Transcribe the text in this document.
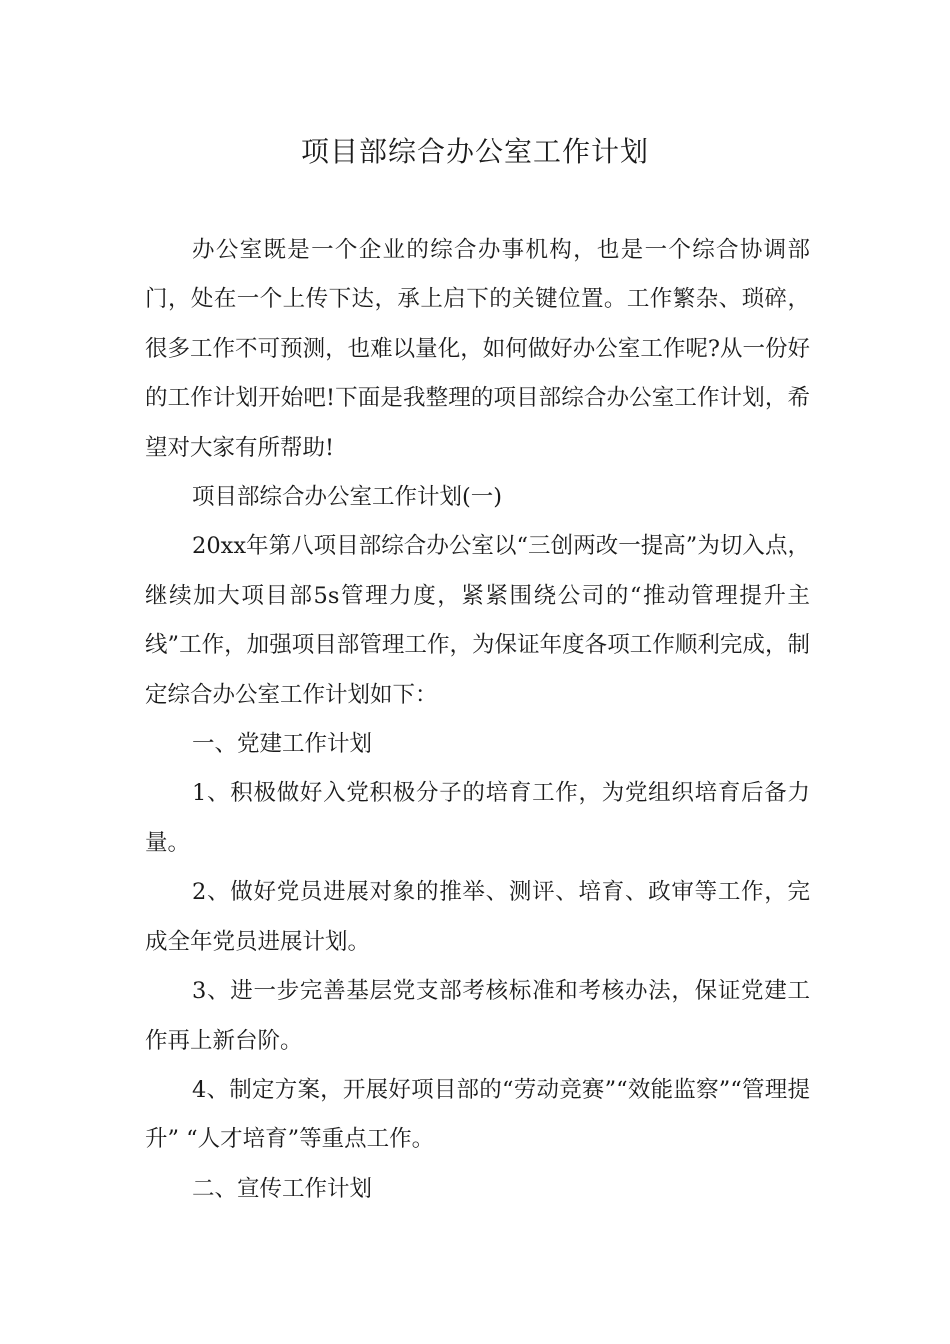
项目部综合办公室工作计划

办公室既是一个企业的综合办事机构，也是一个综合协调部门，处在一个上传下达，承上启下的关键位置。工作繁杂、琐碎，很多工作不可预测，也难以量化，如何做好办公室工作呢?从一份好的工作计划开始吧!下面是我整理的项目部综合办公室工作计划，希望对大家有所帮助!

项目部综合办公室工作计划(一)

20xx年第八项目部综合办公室以“三创两改一提高”为切入点，继续加大项目部5s管理力度，紧紧围绕公司的“推动管理提升主线”工作，加强项目部管理工作，为保证年度各项工作顺利完成，制定综合办公室工作计划如下：

一、党建工作计划

1、积极做好入党积极分子的培育工作，为党组织培育后备力量。

2、做好党员进展对象的推举、测评、培育、政审等工作，完成全年党员进展计划。

3、进一步完善基层党支部考核标准和考核办法，保证党建工作再上新台阶。

4、制定方案，开展好项目部的“劳动竞赛”“效能监察”“管理提升” “人才培育”等重点工作。

二、宣传工作计划
